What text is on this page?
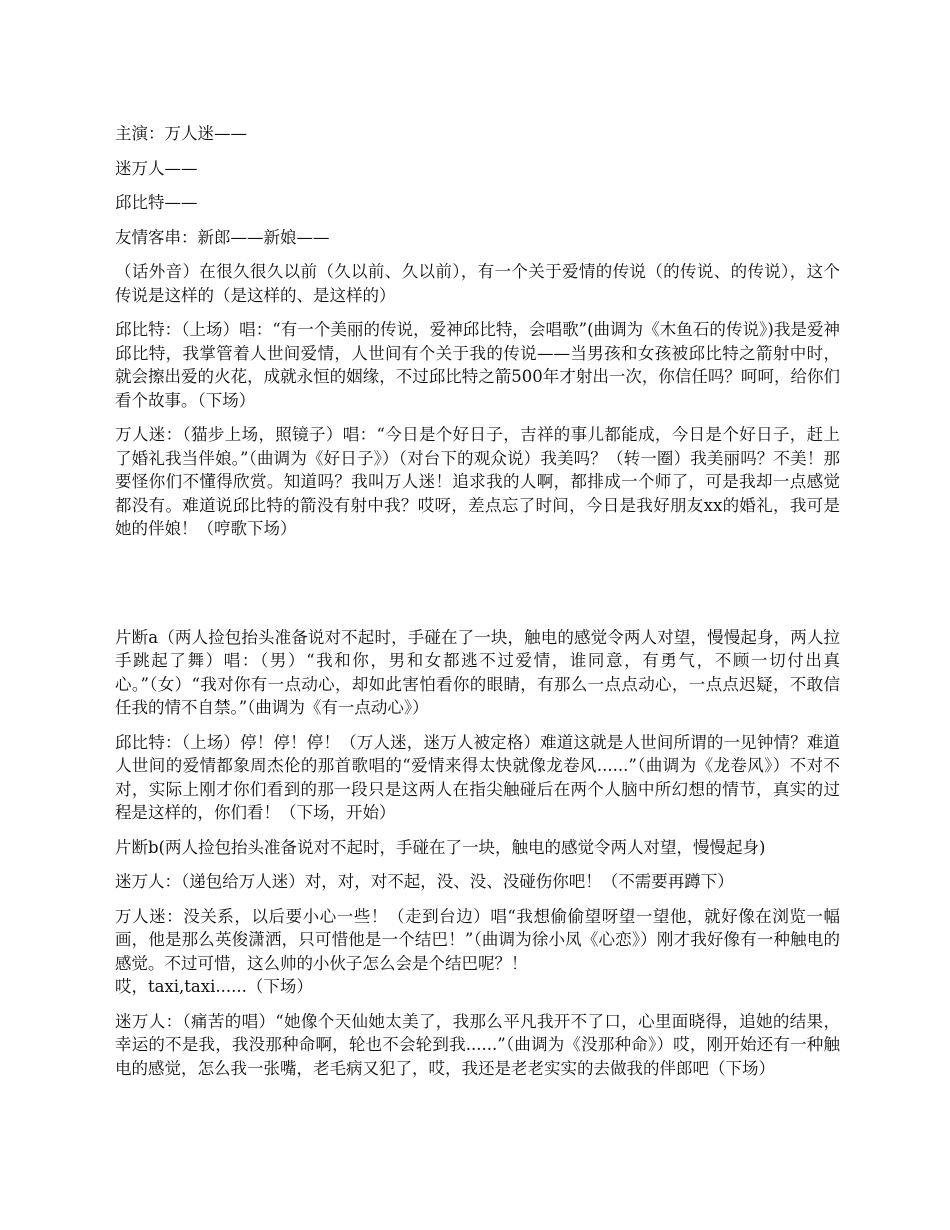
主演：万人迷——

迷万人——

邱比特——

友情客串：新郎——新娘——

（话外音）在很久很久以前（久以前、久以前），有一个关于爱情的传说（的传说、的传说），这个传说是这样的（是这样的、是这样的）

邱比特：（上场）唱：“有一个美丽的传说，爱神邱比特，会唱歌”(曲调为《木鱼石的传说》)我是爱神邱比特，我掌管着人世间爱情，人世间有个关于我的传说——当男孩和女孩被邱比特之箭射中时，就会擦出爱的火花，成就永恒的姻缘，不过邱比特之箭500年才射出一次，你信任吗？呵呵，给你们看个故事。（下场）

万人迷：（猫步上场，照镜子）唱：“今日是个好日子，吉祥的事儿都能成，今日是个好日子，赶上了婚礼我当伴娘。”（曲调为《好日子》）（对台下的观众说）我美吗？（转一圈）我美丽吗？不美！那要怪你们不懂得欣赏。知道吗？我叫万人迷！追求我的人啊，都排成一个师了，可是我却一点感觉都没有。难道说邱比特的箭没有射中我？哎呀，差点忘了时间，今日是我好朋友xx的婚礼，我可是她的伴娘！（哼歌下场）

片断a（两人捡包抬头准备说对不起时，手碰在了一块，触电的感觉令两人对望，慢慢起身，两人拉手跳起了舞）唱：（男）“我和你，男和女都逃不过爱情，谁同意，有勇气，不顾一切付出真心。”（女）“我对你有一点动心，却如此害怕看你的眼睛，有那么一点点动心，一点点迟疑，不敢信任我的情不自禁。”（曲调为《有一点动心》）

邱比特：（上场）停！停！停！（万人迷，迷万人被定格）难道这就是人世间所谓的一见钟情？难道人世间的爱情都象周杰伦的那首歌唱的“爱情来得太快就像龙卷风......”（曲调为《龙卷风》）不对不对，实际上刚才你们看到的那一段只是这两人在指尖触碰后在两个人脑中所幻想的情节，真实的过程是这样的，你们看！（下场，开始）

片断b(两人捡包抬头准备说对不起时，手碰在了一块，触电的感觉令两人对望，慢慢起身)

迷万人：（递包给万人迷）对，对，对不起，没、没、没碰伤你吧！（不需要再蹲下）

万人迷：没关系，以后要小心一些！（走到台边）唱“我想偷偷望呀望一望他，就好像在浏览一幅画，他是那么英俊潇洒，只可惜他是一个结巴！”（曲调为徐小凤《心恋》）刚才我好像有一种触电的感觉。不过可惜，这么帅的小伙子怎么会是个结巴呢？！

哎，taxi,taxi......（下场）

迷万人：（痛苦的唱）“她像个天仙她太美了，我那么平凡我开不了口，心里面晓得，追她的结果，幸运的不是我，我没那种命啊，轮也不会轮到我......”（曲调为《没那种命》）哎，刚开始还有一种触电的感觉，怎么我一张嘴，老毛病又犯了，哎，我还是老老实实的去做我的伴郎吧（下场）
